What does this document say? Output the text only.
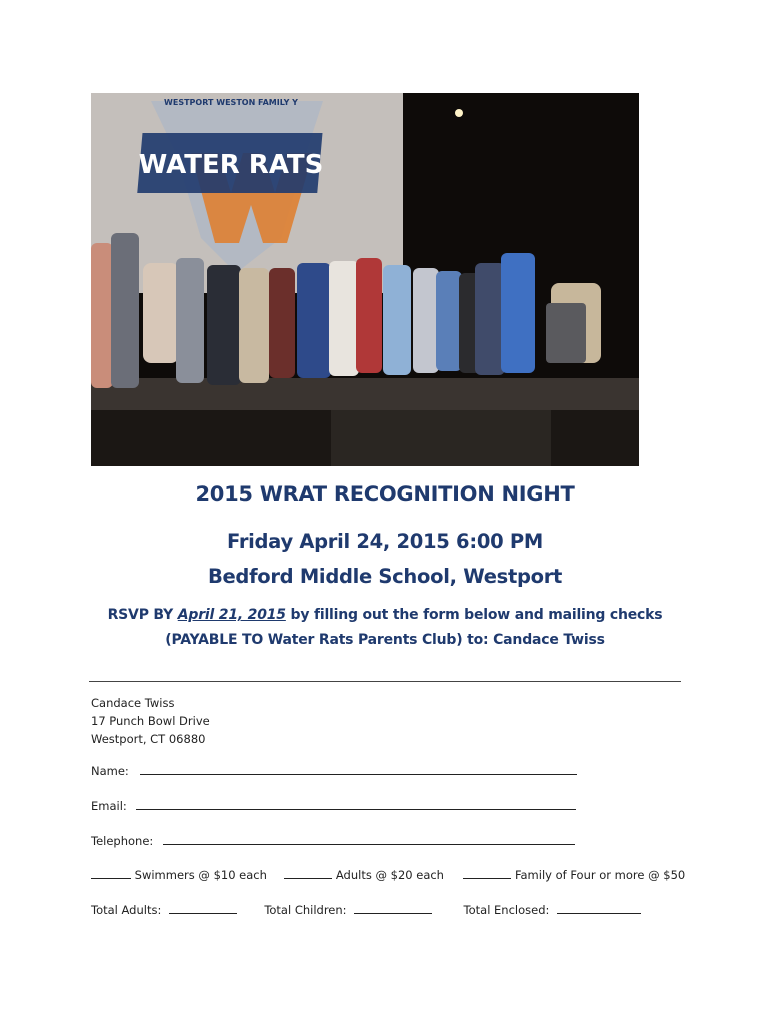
WATER RATS
WESTPORT WESTON FAMILY Y
2015 WRAT RECOGNITION NIGHT
Friday April 24, 2015 6:00 PM
Bedford Middle School, Westport
RSVP BY April 21, 2015 by filling out the form below and mailing checks
(PAYABLE TO Water Rats Parents Club) to: Candace Twiss
Candace Twiss
17 Punch Bowl Drive
Westport, CT 06880
Name:
Email:
Telephone:
Swimmers @ $10 each	Adults @ $20 each	Family of Four or more @ $50
Total Adults:	Total Children:	Total Enclosed:
